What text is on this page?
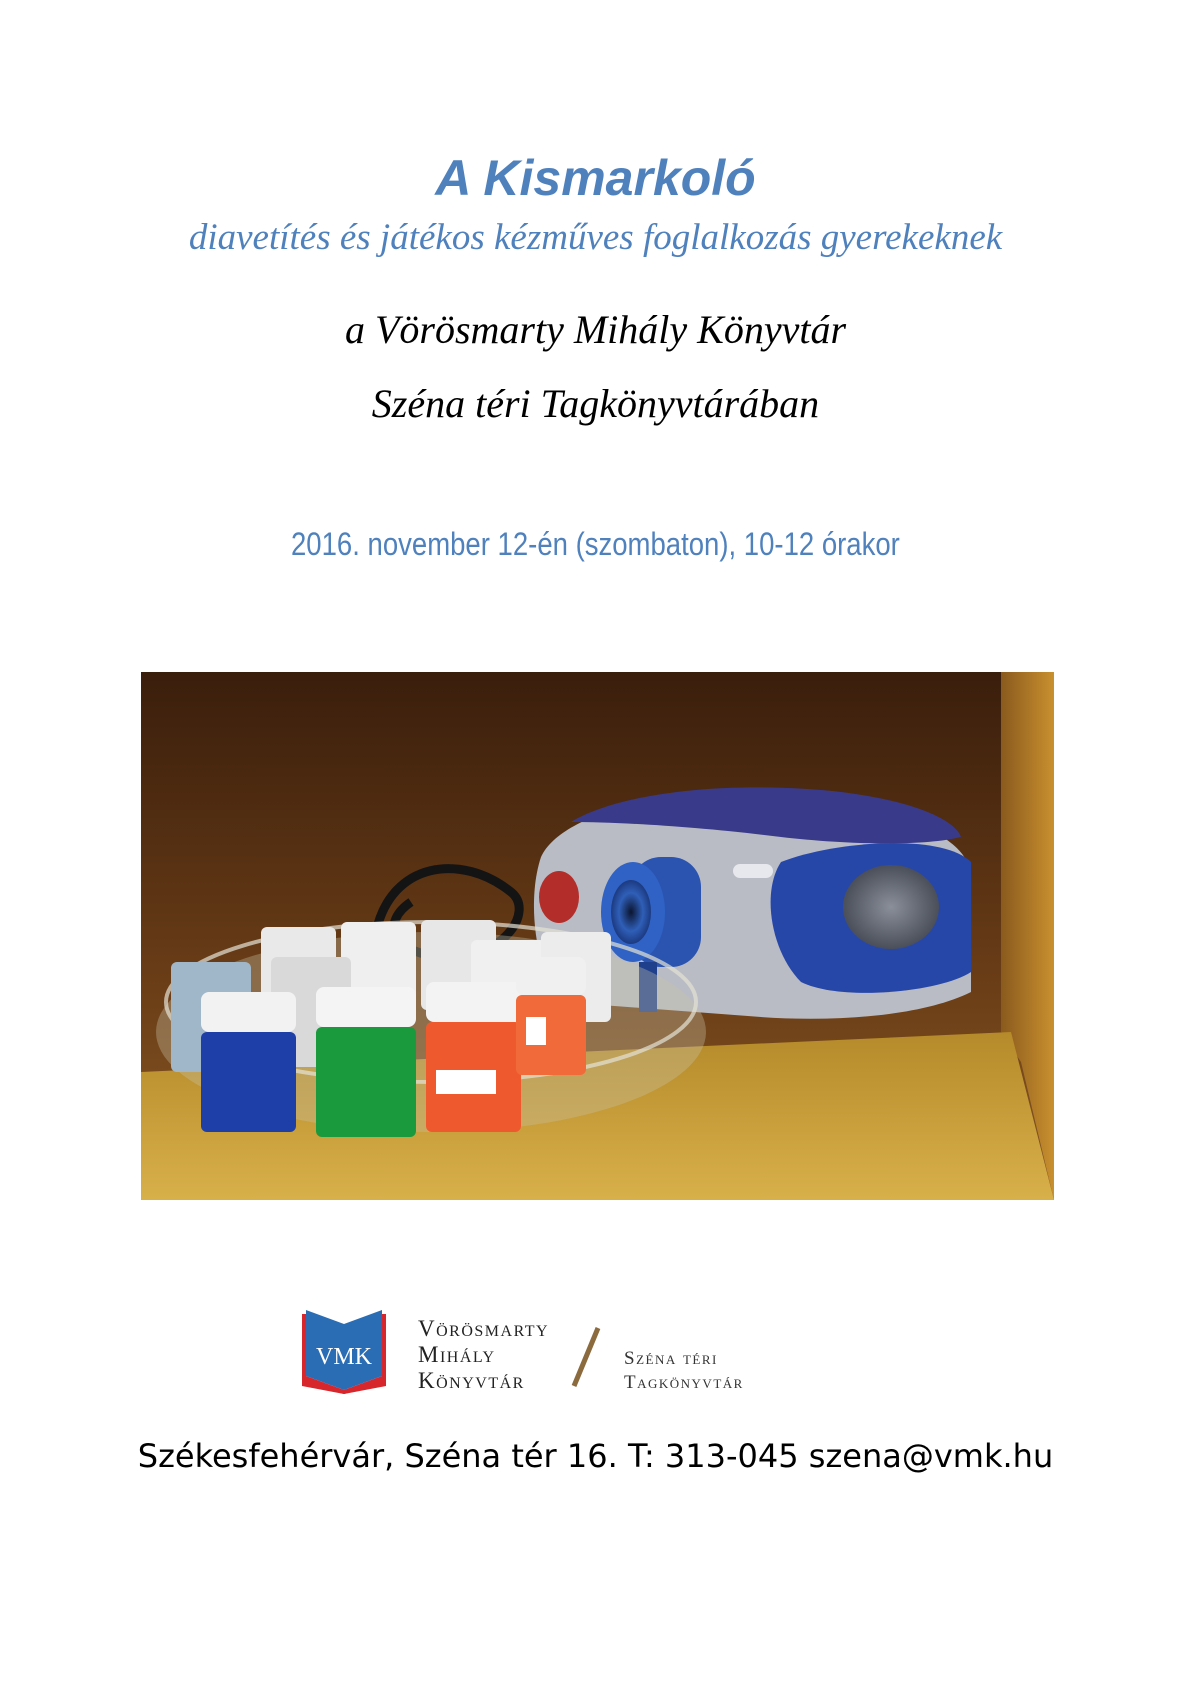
A Kismarkoló
diavetítés és játékos kézműves foglalkozás gyerekeknek
a Vörösmarty Mihály Könyvtár
Széna téri Tagkönyvtárában
2016. november 12-én (szombaton), 10-12 órakor
VMK
Vörösmarty
Mihály
Könyvtár
Széna téri
Tagkönyvtár
Székesfehérvár, Széna tér 16. T: 313-045 szena@vmk.hu
